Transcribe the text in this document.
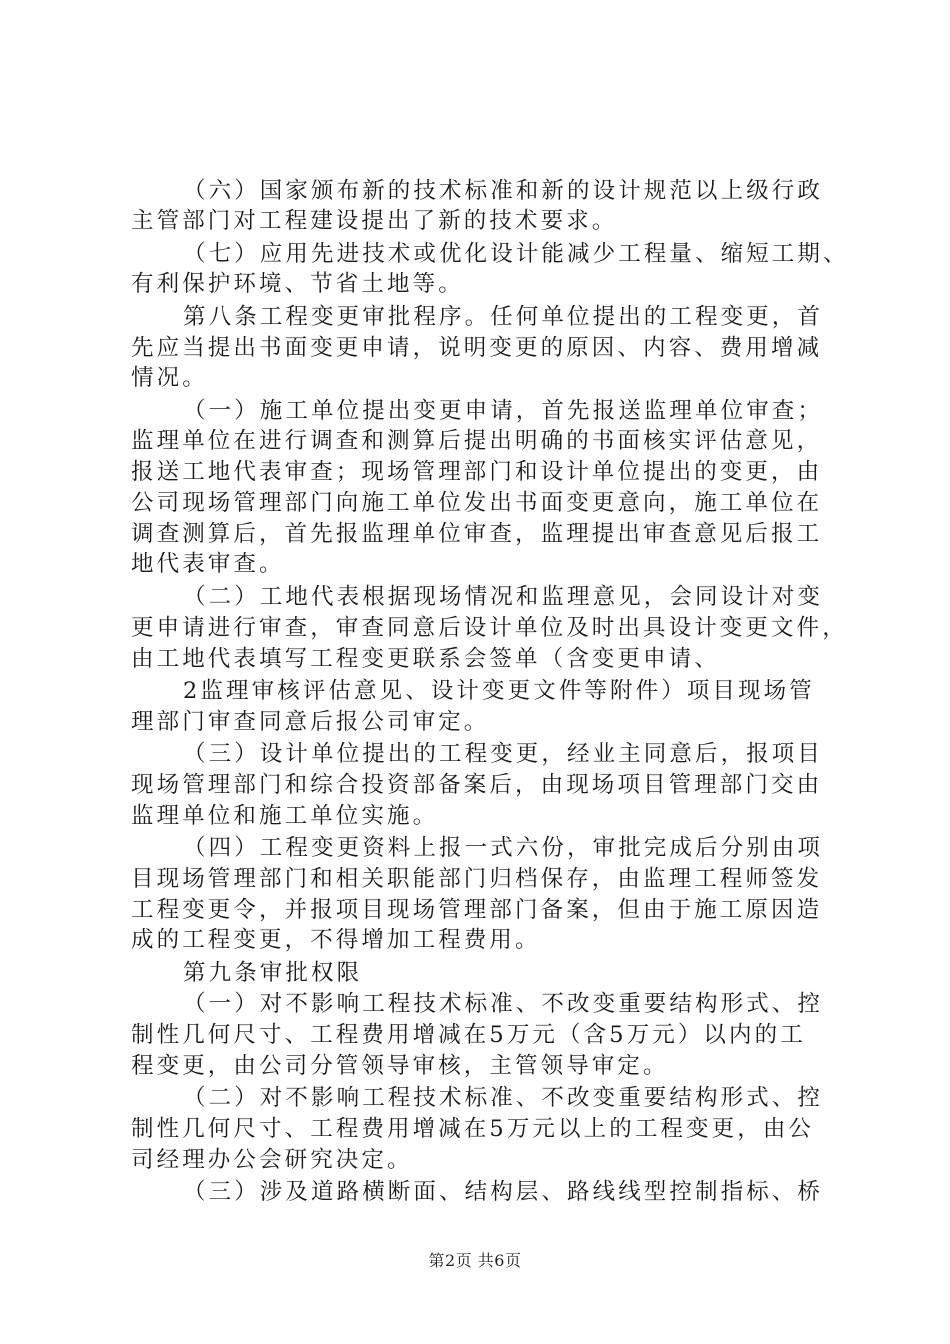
（六）国家颁布新的技术标准和新的设计规范以上级行政
主管部门对工程建设提出了新的技术要求。
（七）应用先进技术或优化设计能减少工程量、缩短工期、
有利保护环境、节省土地等。
第八条工程变更审批程序。任何单位提出的工程变更，首
先应当提出书面变更申请，说明变更的原因、内容、费用增减
情况。
（一）施工单位提出变更申请，首先报送监理单位审查；
监理单位在进行调查和测算后提出明确的书面核实评估意见，
报送工地代表审查；现场管理部门和设计单位提出的变更，由
公司现场管理部门向施工单位发出书面变更意向，施工单位在
调查测算后，首先报监理单位审查，监理提出审查意见后报工
地代表审查。
（二）工地代表根据现场情况和监理意见，会同设计对变
更申请进行审查，审查同意后设计单位及时出具设计变更文件，
由工地代表填写工程变更联系会签单（含变更申请、
2监理审核评估意见、设计变更文件等附件）项目现场管
理部门审查同意后报公司审定。
（三）设计单位提出的工程变更，经业主同意后，报项目
现场管理部门和综合投资部备案后，由现场项目管理部门交由
监理单位和施工单位实施。
（四）工程变更资料上报一式六份，审批完成后分别由项
目现场管理部门和相关职能部门归档保存，由监理工程师签发
工程变更令，并报项目现场管理部门备案，但由于施工原因造
成的工程变更，不得增加工程费用。
第九条审批权限
（一）对不影响工程技术标准、不改变重要结构形式、控
制性几何尺寸、工程费用增减在5万元（含5万元）以内的工
程变更，由公司分管领导审核，主管领导审定。
（二）对不影响工程技术标准、不改变重要结构形式、控
制性几何尺寸、工程费用增减在5万元以上的工程变更，由公
司经理办公会研究决定。
（三）涉及道路横断面、结构层、路线线型控制指标、桥
第2页 共6页
